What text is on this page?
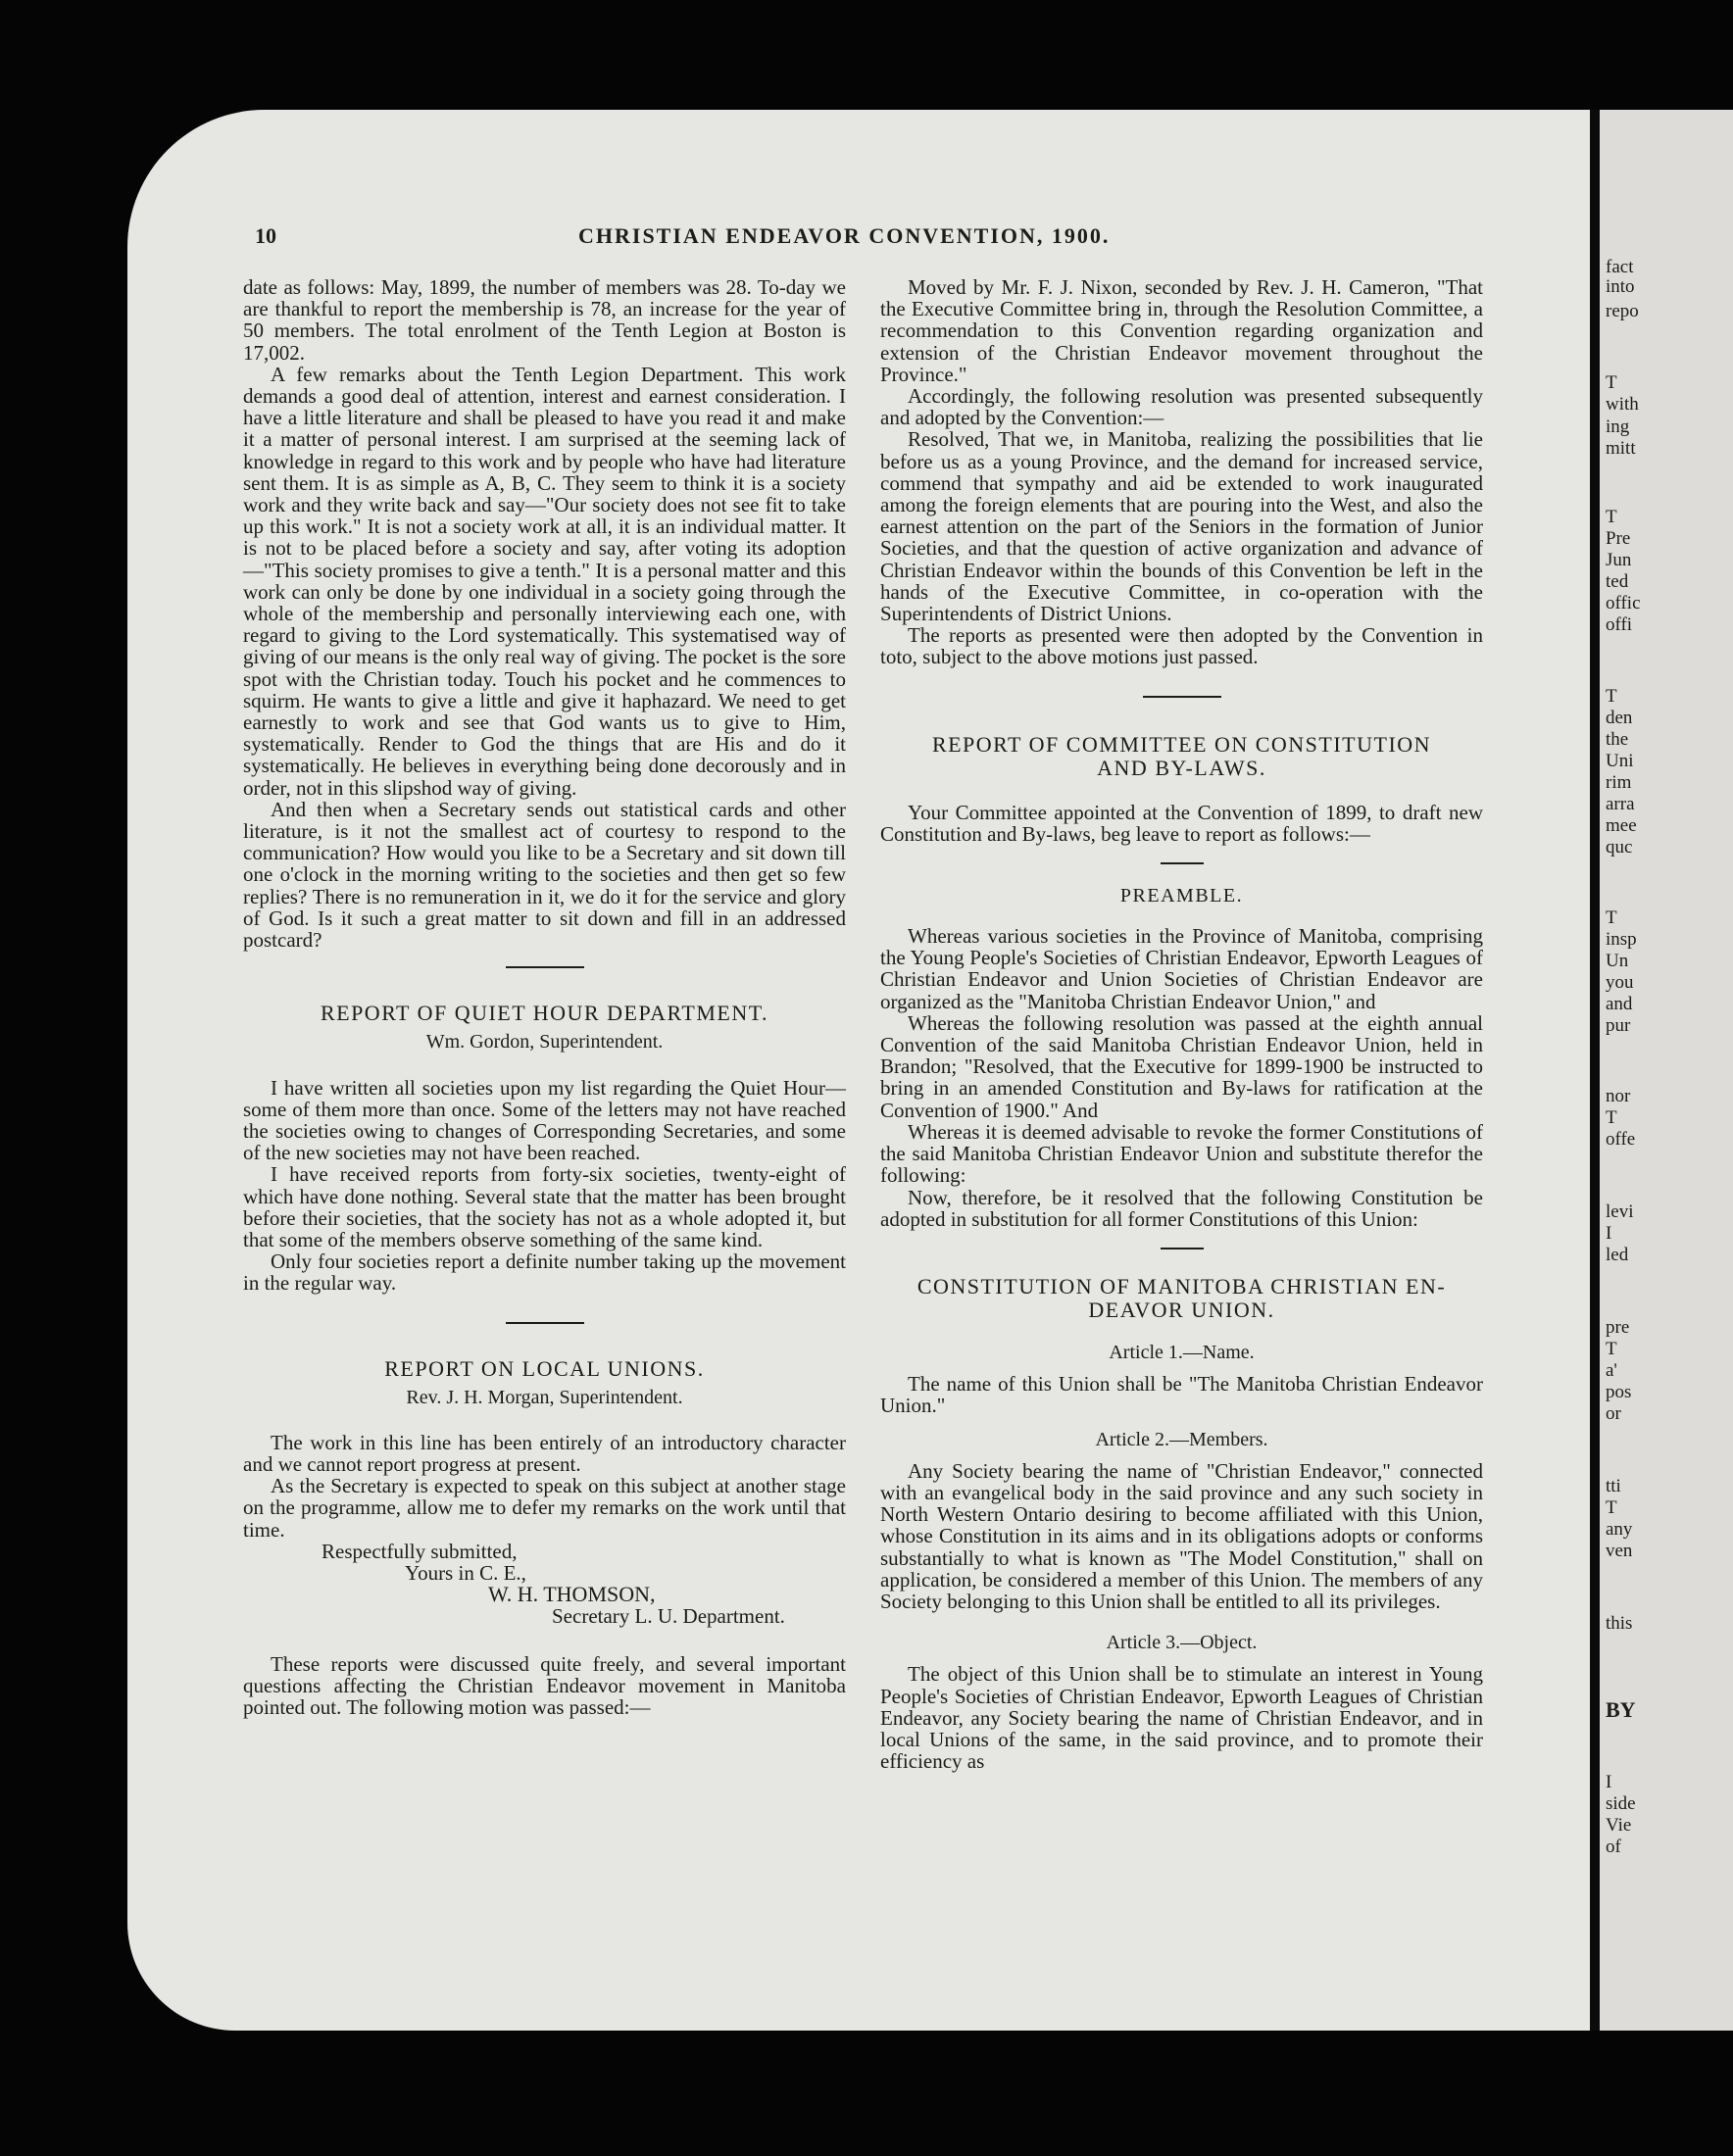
10	CHRISTIAN ENDEAVOR CONVENTION, 1900.

date as follows: May, 1899, the number of members was 28. To-day we are thankful to report the membership is 78, an increase for the year of 50 members. The total enrolment of the Tenth Legion at Boston is 17,002.

A few remarks about the Tenth Legion Department. This work demands a good deal of attention, interest and earnest consideration. I have a little literature and shall be pleased to have you read it and make it a matter of personal interest. I am surprised at the seeming lack of knowledge in regard to this work and by people who have had literature sent them. It is as simple as A, B, C. They seem to think it is a society work and they write back and say—"Our society does not see fit to take up this work." It is not a society work at all, it is an individual matter. It is not to be placed before a society and say, after voting its adoption—"This society promises to give a tenth." It is a personal matter and this work can only be done by one individual in a society going through the whole of the membership and personally interviewing each one, with regard to giving to the Lord systematically. This systematised way of giving of our means is the only real way of giving. The pocket is the sore spot with the Christian today. Touch his pocket and he commences to squirm. He wants to give a little and give it haphazard. We need to get earnestly to work and see that God wants us to give to Him, systematically. Render to God the things that are His and do it systematically. He believes in everything being done decorously and in order, not in this slipshod way of giving.

And then when a Secretary sends out statistical cards and other literature, is it not the smallest act of courtesy to respond to the communication? How would you like to be a Secretary and sit down till one o'clock in the morning writing to the societies and then get so few replies? There is no remuneration in it, we do it for the service and glory of God. Is it such a great matter to sit down and fill in an addressed postcard?

REPORT OF QUIET HOUR DEPARTMENT.
Wm. Gordon, Superintendent.

I have written all societies upon my list regarding the Quiet Hour—some of them more than once. Some of the letters may not have reached the societies owing to changes of Corresponding Secretaries, and some of the new societies may not have been reached.

I have received reports from forty-six societies, twenty-eight of which have done nothing. Several state that the matter has been brought before their societies, that the society has not as a whole adopted it, but that some of the members observe something of the same kind.

Only four societies report a definite number taking up the movement in the regular way.

REPORT ON LOCAL UNIONS.
Rev. J. H. Morgan, Superintendent.

The work in this line has been entirely of an introductory character and we cannot report progress at present.

As the Secretary is expected to speak on this subject at another stage on the programme, allow me to defer my remarks on the work until that time.

Respectfully submitted,
Yours in C. E.,
W. H. THOMSON,
Secretary L. U. Department.

These reports were discussed quite freely, and several important questions affecting the Christian Endeavor movement in Manitoba pointed out. The following motion was passed:—

Moved by Mr. F. J. Nixon, seconded by Rev. J. H. Cameron, "That the Executive Committee bring in, through the Resolution Committee, a recommendation to this Convention regarding organization and extension of the Christian Endeavor movement throughout the Province."

Accordingly, the following resolution was presented subsequently and adopted by the Convention:—

Resolved, That we, in Manitoba, realizing the possibilities that lie before us as a young Province, and the demand for increased service, commend that sympathy and aid be extended to work inaugurated among the foreign elements that are pouring into the West, and also the earnest attention on the part of the Seniors in the formation of Junior Societies, and that the question of active organization and advance of Christian Endeavor within the bounds of this Convention be left in the hands of the Executive Committee, in co-operation with the Superintendents of District Unions.

The reports as presented were then adopted by the Convention in toto, subject to the above motions just passed.

REPORT OF COMMITTEE ON CONSTITUTION
AND BY-LAWS.

Your Committee appointed at the Convention of 1899, to draft new Constitution and By-laws, beg leave to report as follows:—

PREAMBLE.

Whereas various societies in the Province of Manitoba, comprising the Young People's Societies of Christian Endeavor, Epworth Leagues of Christian Endeavor and Union Societies of Christian Endeavor are organized as the "Manitoba Christian Endeavor Union," and

Whereas the following resolution was passed at the eighth annual Convention of the said Manitoba Christian Endeavor Union, held in Brandon; "Resolved, that the Executive for 1899-1900 be instructed to bring in an amended Constitution and By-laws for ratification at the Convention of 1900." And

Whereas it is deemed advisable to revoke the former Constitutions of the said Manitoba Christian Endeavor Union and substitute therefor the following:

Now, therefore, be it resolved that the following Constitution be adopted in substitution for all former Constitutions of this Union:

CONSTITUTION OF MANITOBA CHRISTIAN EN-
DEAVOR UNION.
Article 1.—Name.

The name of this Union shall be "The Manitoba Christian Endeavor Union."

Article 2.—Members.

Any Society bearing the name of "Christian Endeavor," connected with an evangelical body in the said province and any such society in North Western Ontario desiring to become affiliated with this Union, whose Constitution in its aims and in its obligations adopts or conforms substantially to what is known as "The Model Constitution," shall on application, be considered a member of this Union. The members of any Society belonging to this Union shall be entitled to all its privileges.

Article 3.—Object.

The object of this Union shall be to stimulate an interest in Young People's Societies of Christian Endeavor, Epworth Leagues of Christian Endeavor, any Society bearing the name of Christian Endeavor, and in local Unions of the same, in the said province, and to promote their efficiency as

fact
into
repo
T
with
ing
mitt
T
Pre
Jun
ted
offic
offi
T
den
the
Uni
rim
arra
mee
quc
T
insp
Un
you
and
pur
nor
T
offe
levi
I
led
pre
T
a'
pos
or
tti
T
any
ven
this
BY
I
side
Vie
of
